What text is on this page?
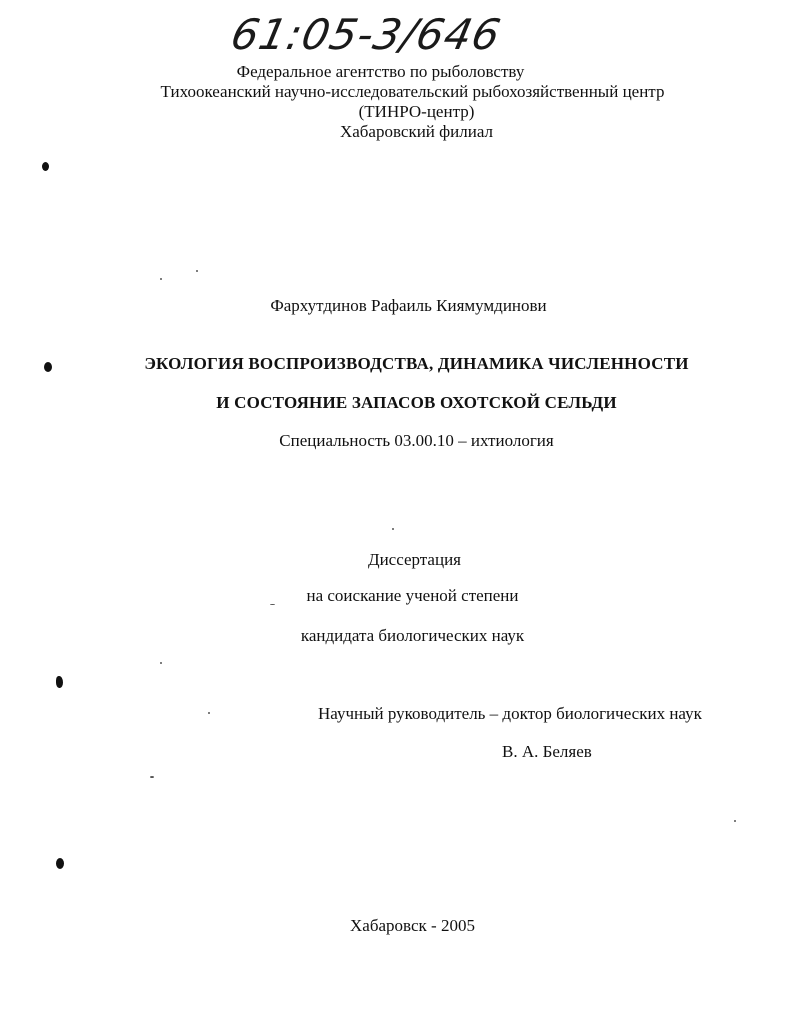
61:05-3/646
Федеральное агентство по рыболовству
Тихоокеанский научно-исследовательский рыбохозяйственный центр
(ТИНРО-центр)
Хабаровский филиал
Фархутдинов Рафаиль Киямумдинови
ЭКОЛОГИЯ ВОСПРОИЗВОДСТВА, ДИНАМИКА ЧИСЛЕННОСТИ
И СОСТОЯНИЕ ЗАПАСОВ ОХОТСКОЙ СЕЛЬДИ
Специальность 03.00.10 – ихтиология
Диссертация
на соискание ученой степени
кандидата биологических наук
Научный руководитель – доктор биологических наук
В. А. Беляев
Хабаровск - 2005
